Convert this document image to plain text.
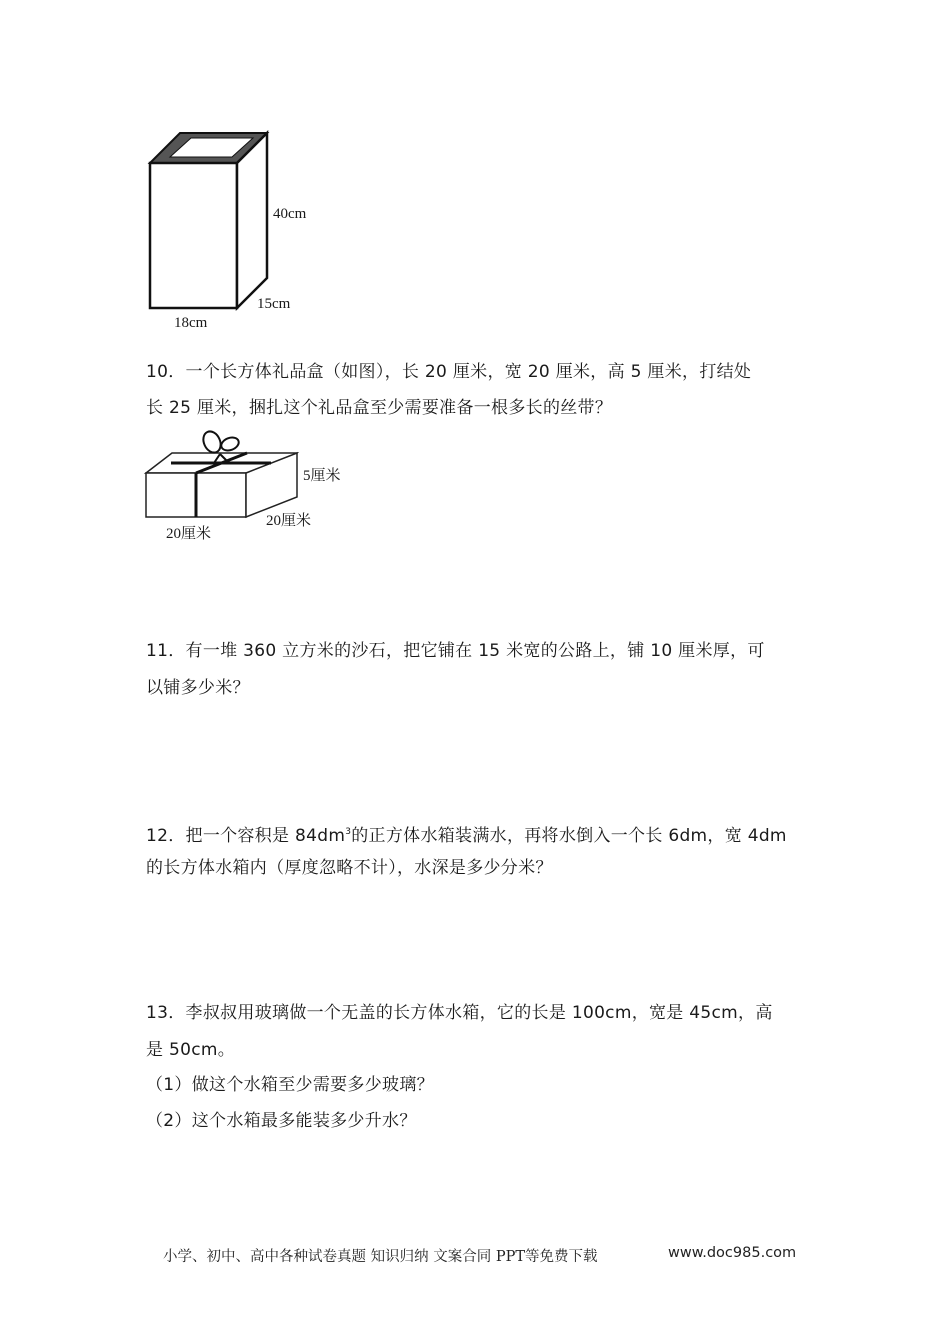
40cm
15cm
18cm
10．一个长方体礼品盒（如图），长 20 厘米，宽 20 厘米，高 5 厘米，打结处
长 25 厘米，捆扎这个礼品盒至少需要准备一根多长的丝带？
5厘米
20厘米
20厘米
11．有一堆 360 立方米的沙石，把它铺在 15 米宽的公路上，铺 10 厘米厚，可
以铺多少米？
12．把一个容积是 $84dm^3$的正方体水箱装满水，再将水倒入一个长 6dm，宽 4dm
的长方体水箱内（厚度忽略不计），水深是多少分米？
13．李叔叔用玻璃做一个无盖的长方体水箱，它的长是 100cm，宽是 45cm，高
是 50cm。
（1）做这个水箱至少需要多少玻璃？
（2）这个水箱最多能装多少升水？
小学、初中、高中各种试卷真题 知识归纳 文案合同 PPT等免费下载	www.doc985.com
